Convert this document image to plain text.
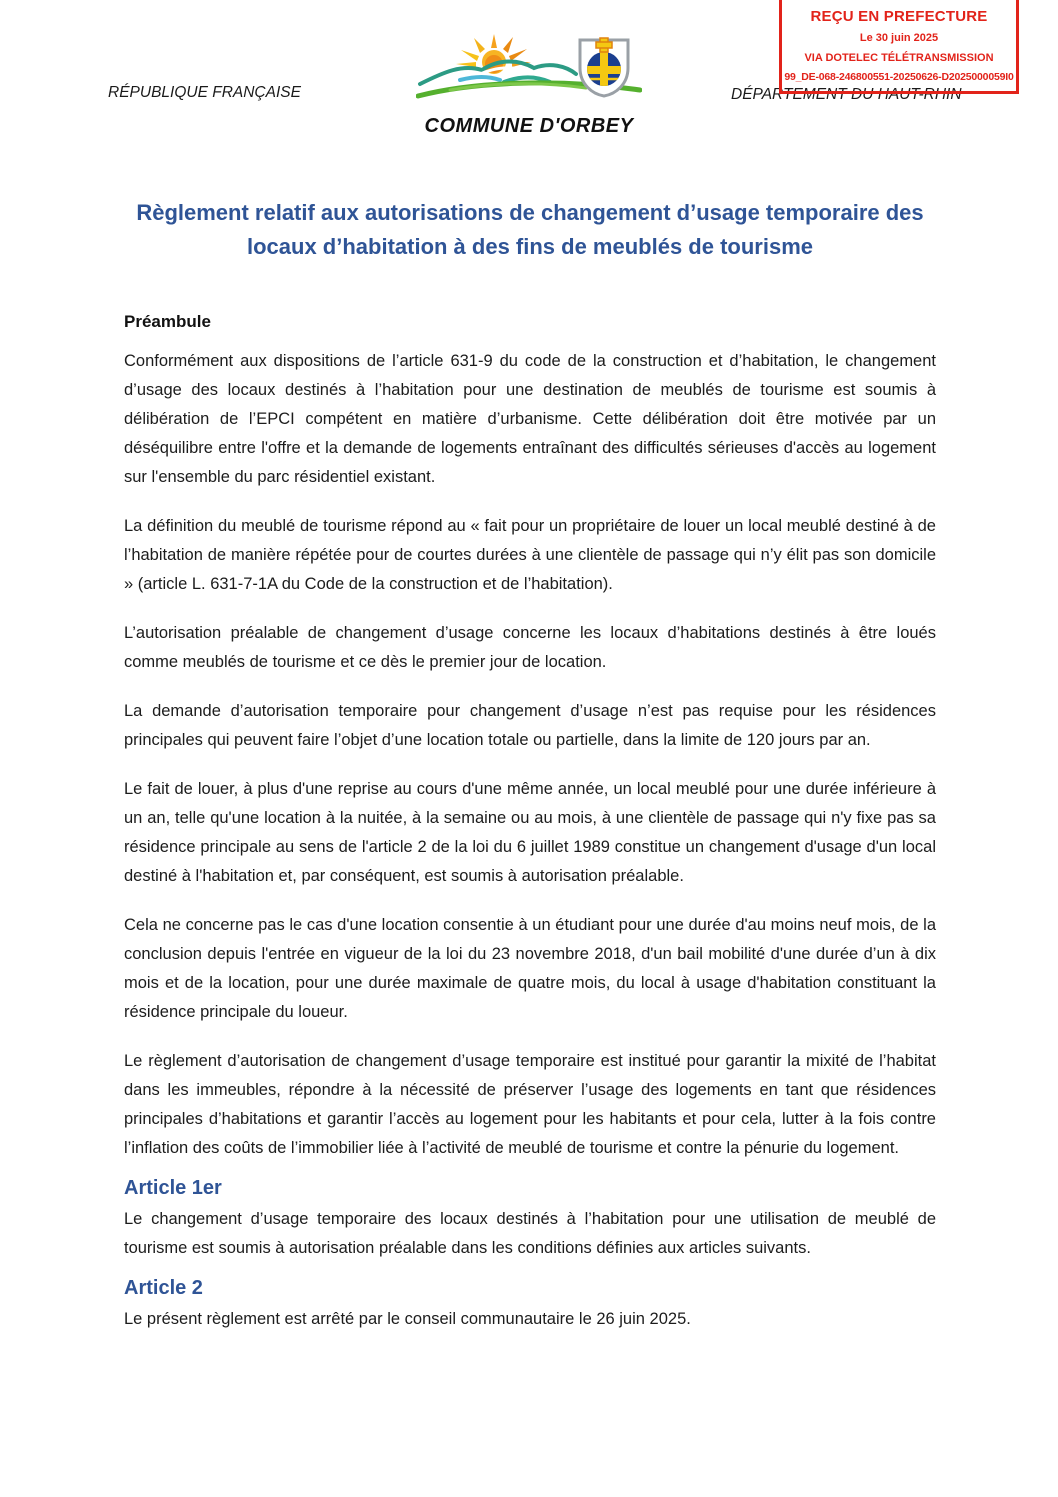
RÉPUBLIQUE FRANÇAISE
COMMUNE D'ORBEY
DÉPARTEMENT DU HAUT-RHIN
REÇU EN PREFECTURE
Le 30 juin 2025
VIA DOTELEC TÉLÉTRANSMISSION
99_DE-068-246800551-20250626-D2025000059I0
Règlement relatif aux autorisations de changement d’usage temporaire des
locaux d’habitation à des fins de meublés de tourisme
Préambule

Conformément aux dispositions de l’article 631-9 du code de la construction et d’habitation, le changement d’usage des locaux destinés à l’habitation pour une destination de meublés de tourisme est soumis à délibération de l’EPCI compétent en matière d’urbanisme. Cette délibération doit être motivée par un déséquilibre entre l'offre et la demande de logements entraînant des difficultés sérieuses d'accès au logement sur l'ensemble du parc résidentiel existant.

La définition du meublé de tourisme répond au « fait pour un propriétaire de louer un local meublé destiné à de l’habitation de manière répétée pour de courtes durées à une clientèle de passage qui n’y élit pas son domicile » (article L. 631-7-1A du Code de la construction et de l’habitation).

L’autorisation préalable de changement d’usage concerne les locaux d’habitations destinés à être loués comme meublés de tourisme et ce dès le premier jour de location.

La demande d’autorisation temporaire pour changement d’usage n’est pas requise pour les résidences principales qui peuvent faire l’objet d’une location totale ou partielle, dans la limite de 120 jours par an.

Le fait de louer, à plus d'une reprise au cours d'une même année, un local meublé pour une durée inférieure à un an, telle qu'une location à la nuitée, à la semaine ou au mois, à une clientèle de passage qui n'y fixe pas sa résidence principale au sens de l'article 2 de la loi du 6 juillet 1989 constitue un changement d'usage d'un local destiné à l'habitation et, par conséquent, est soumis à autorisation préalable.

Cela ne concerne pas le cas d'une location consentie à un étudiant pour une durée d'au moins neuf mois, de la conclusion depuis l'entrée en vigueur de la loi du 23 novembre 2018, d'un bail mobilité d'une durée d’un à dix mois et de la location, pour une durée maximale de quatre mois, du local à usage d'habitation constituant la résidence principale du loueur.

Le règlement d’autorisation de changement d’usage temporaire est institué pour garantir la mixité de l’habitat dans les immeubles, répondre à la nécessité de préserver l’usage des logements en tant que résidences principales d’habitations et garantir l’accès au logement pour les habitants et pour cela, lutter à la fois contre l’inflation des coûts de l’immobilier liée à l’activité de meublé de tourisme et contre la pénurie du logement.

Article 1er

Le changement d’usage temporaire des locaux destinés à l’habitation pour une utilisation de meublé de tourisme est soumis à autorisation préalable dans les conditions définies aux articles suivants.

Article 2

Le présent règlement est arrêté par le conseil communautaire le 26 juin 2025.
